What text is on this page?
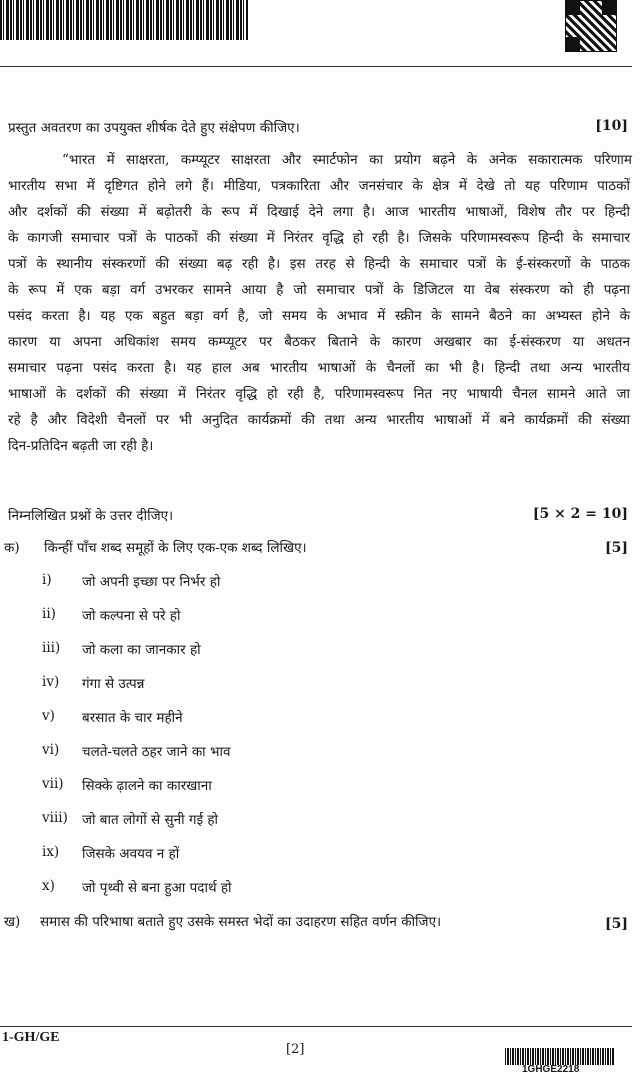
प्रस्तुत अवतरण का उपयुक्त शीर्षक देते हुए संक्षेपण कीजिए।	[10]
“भारत में साक्षरता, कम्प्यूटर साक्षरता और स्मार्टफोन का प्रयोग बढ़ने के अनेक सकारात्मक परिणाम
भारतीय सभा में दृष्टिगत होने लगे हैं। मीडिया, पत्रकारिता और जनसंचार के क्षेत्र में देखे तो यह परिणाम पाठकों
और दर्शकों की संख्या में बढ़ोतरी के रूप में दिखाई देने लगा है। आज भारतीय भाषाओं, विशेष तौर पर हिन्दी
के कागजी समाचार पत्रों के पाठकों की संख्या में निरंतर वृद्धि हो रही है। जिसके परिणामस्वरूप हिन्दी के समाचार
पत्रों के स्थानीय संस्करणों की संख्या बढ़ रही है। इस तरह से हिन्दी के समाचार पत्रों के ई-संस्करणों के पाठक
के रूप में एक बड़ा वर्ग उभरकर सामने आया है जो समाचार पत्रों के डिजिटल या वेब संस्करण को ही पढ़ना
पसंद करता है। यह एक बहुत बड़ा वर्ग है, जो समय के अभाव में स्क्रीन के सामने बैठने का अभ्यस्त होने के
कारण या अपना अधिकांश समय कम्प्यूटर पर बैठकर बिताने के कारण अखबार का ई-संस्करण या अधतन
समाचार पढ़ना पसंद करता है। यह हाल अब भारतीय भाषाओं के चैनलों का भी है। हिन्दी तथा अन्य भारतीय
भाषाओं के दर्शकों की संख्या में निरंतर वृद्धि हो रही है, परिणामस्वरूप नित नए भाषायी चैनल सामने आते जा
रहे है और विदेशी चैनलों पर भी अनुदित कार्यक्रमों की तथा अन्य भारतीय भाषाओं में बने कार्यक्रमों की संख्या
दिन-प्रतिदिन बढ़ती जा रही है।
निम्नलिखित प्रश्नों के उत्तर दीजिए।	[5 × 2 = 10]
क) किन्हीं पाँच शब्द समूहों के लिए एक-एक शब्द लिखिए।	[5]
i)	जो अपनी इच्छा पर निर्भर हो
ii)	जो कल्पना से परे हो
iii)	जो कला का जानकार हो
iv)	गंगा से उत्पन्न
v)	बरसात के चार महीने
vi)	चलते-चलते ठहर जाने का भाव
vii)	सिक्के ढ़ालने का कारखाना
viii)	जो बात लोगों से सुनी गई हो
ix)	जिसके अवयव न हों
x)	जो पृथ्वी से बना हुआ पदार्थ हो
ख) समास की परिभाषा बताते हुए उसके समस्त भेदों का उदाहरण सहित वर्णन कीजिए।	[5]
1-GH/GE
[2]
1GHGE2218
